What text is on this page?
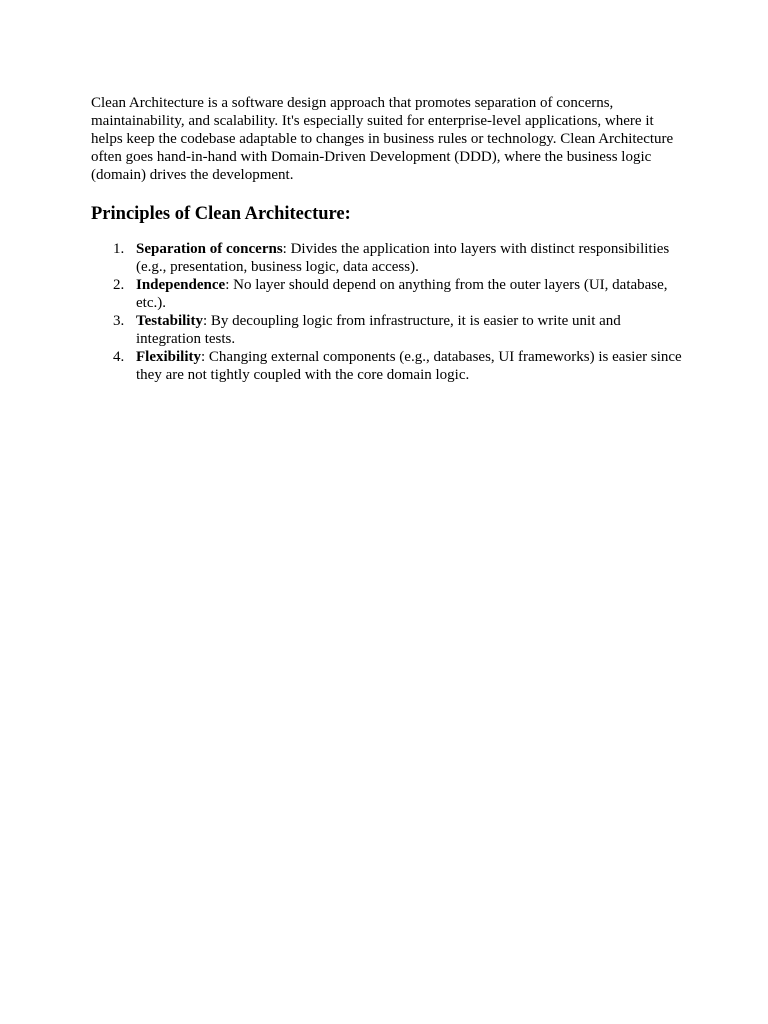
Clean Architecture is a software design approach that promotes separation of concerns, maintainability, and scalability. It's especially suited for enterprise-level applications, where it helps keep the codebase adaptable to changes in business rules or technology. Clean Architecture often goes hand-in-hand with Domain-Driven Development (DDD), where the business logic (domain) drives the development.

Principles of Clean Architecture:
1. Separation of concerns: Divides the application into layers with distinct responsibilities (e.g., presentation, business logic, data access).
2. Independence: No layer should depend on anything from the outer layers (UI, database, etc.).
3. Testability: By decoupling logic from infrastructure, it is easier to write unit and integration tests.
4. Flexibility: Changing external components (e.g., databases, UI frameworks) is easier since they are not tightly coupled with the core domain logic.
